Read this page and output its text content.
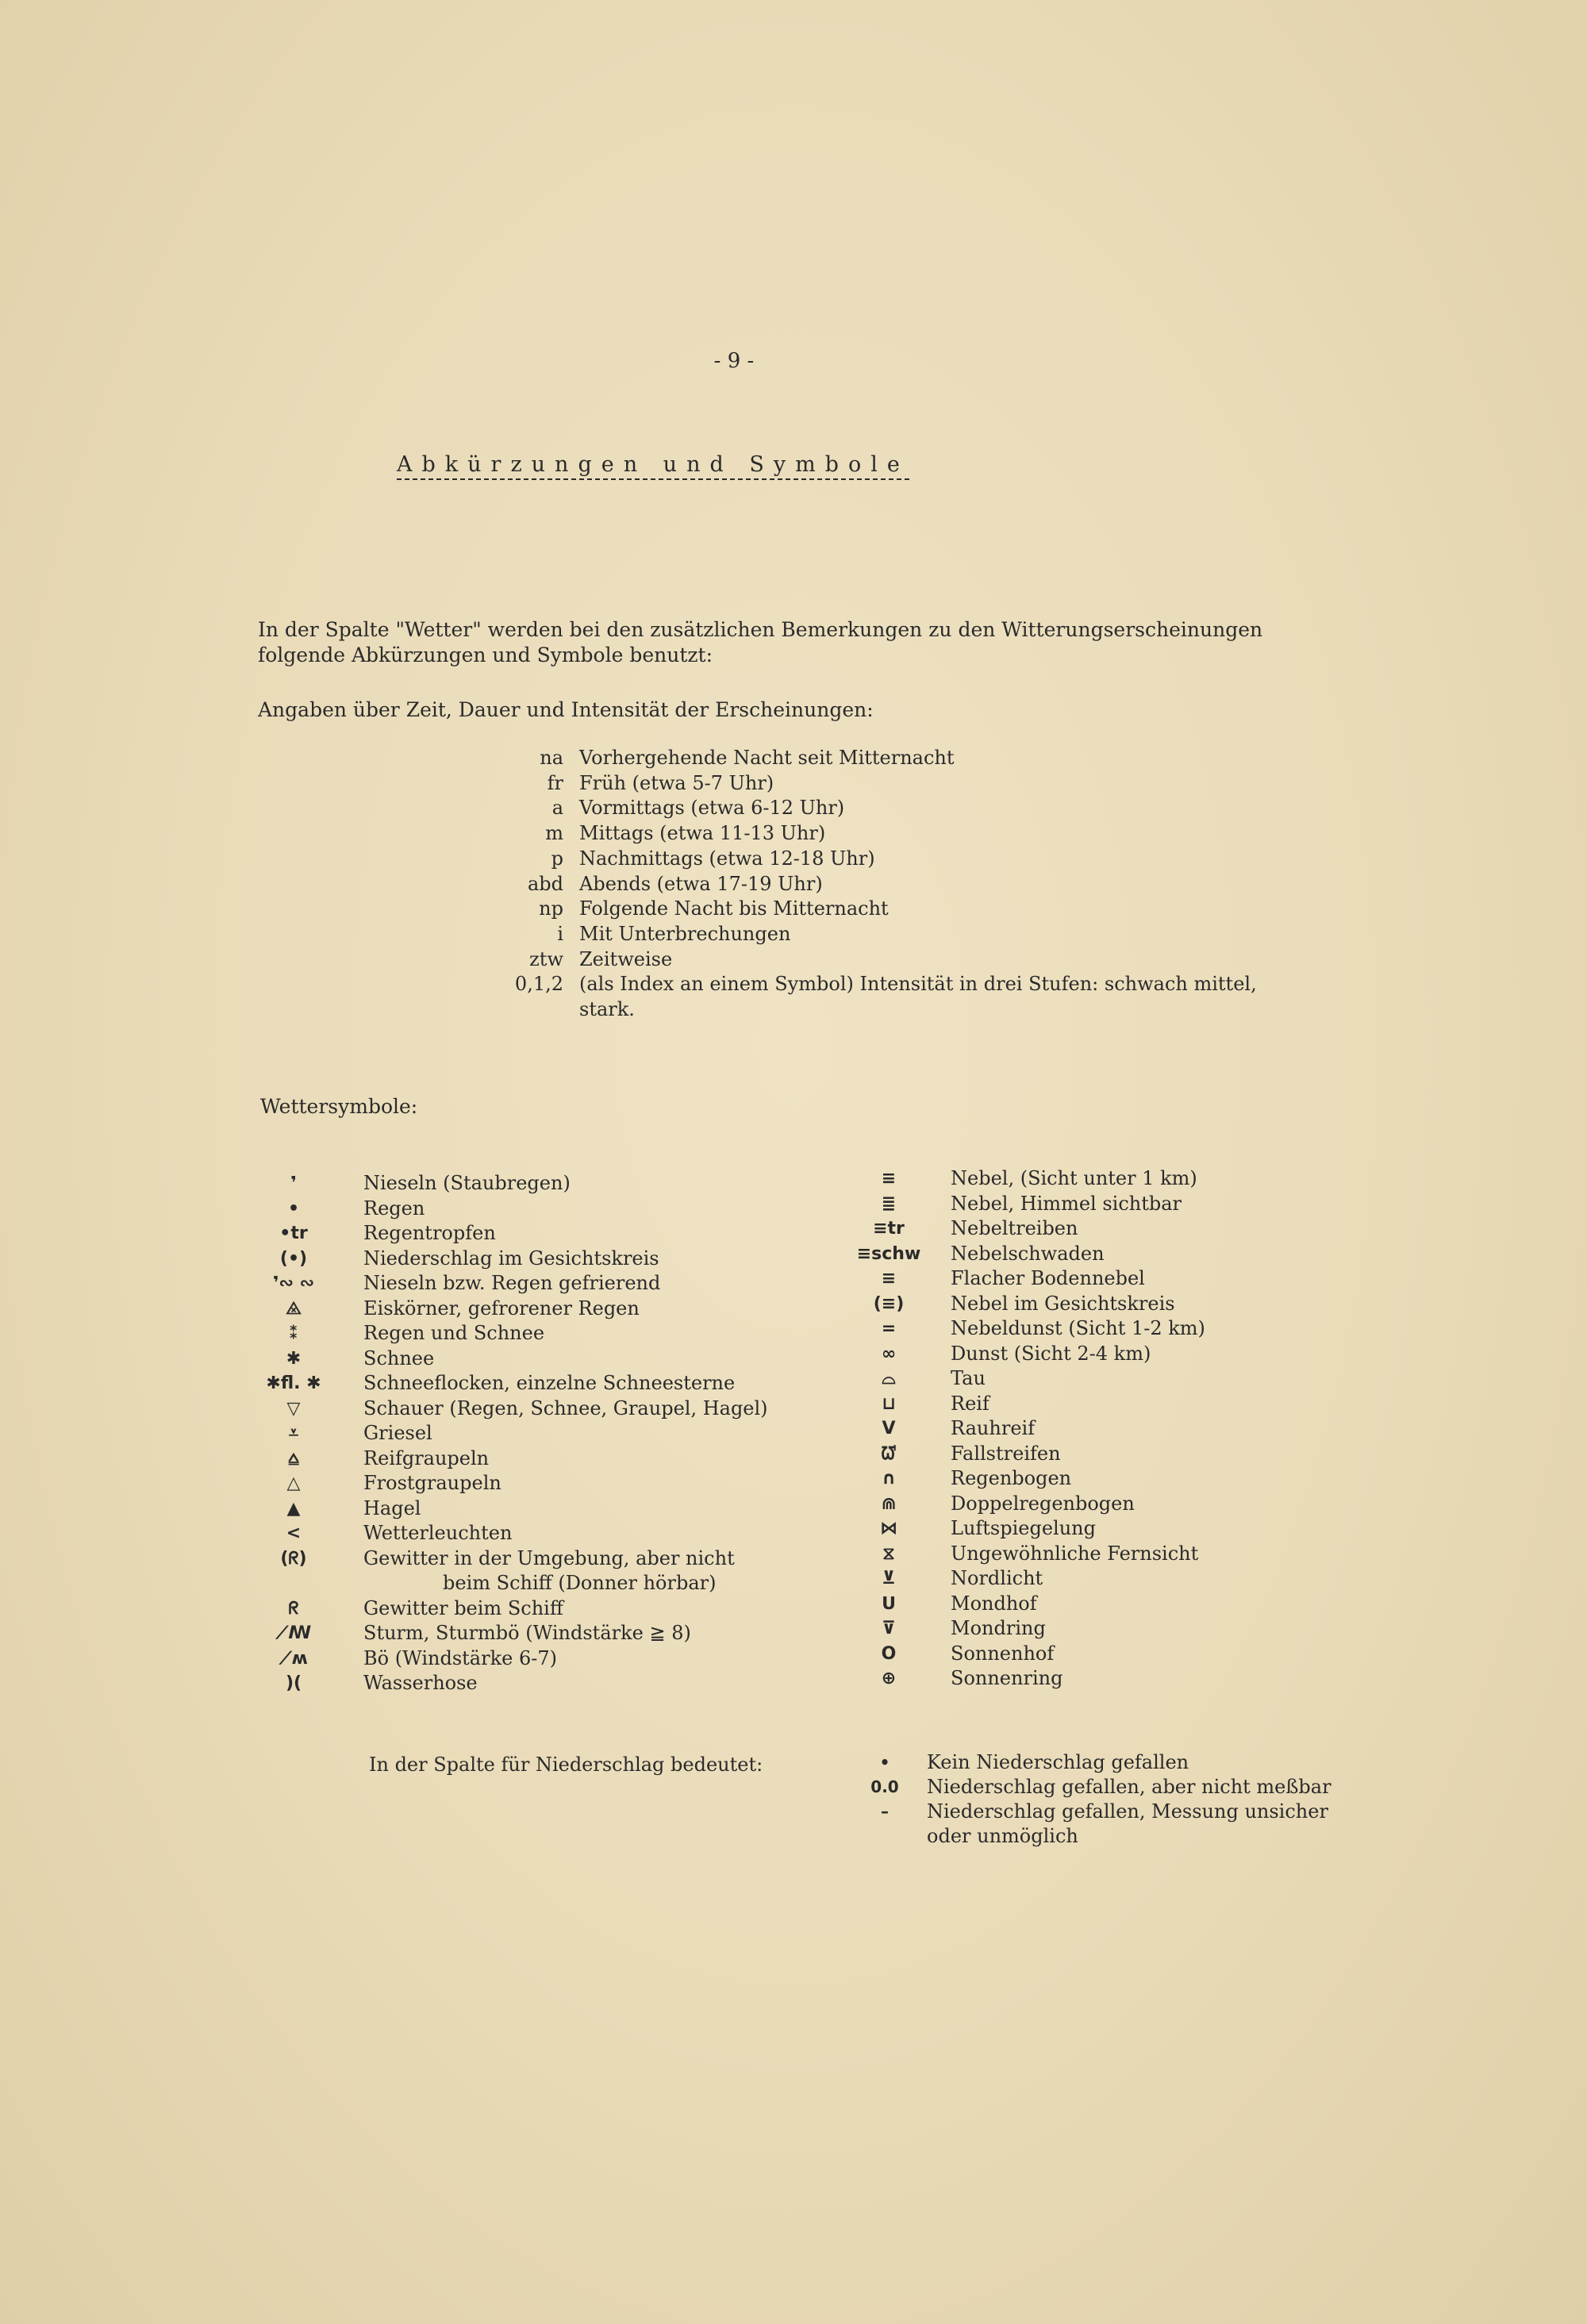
- 9 -
Abkürzungen und Symbole
In der Spalte "Wetter" werden bei den zusätzlichen Bemerkungen zu den Witterungserscheinungen folgende Abkürzungen und Symbole benutzt:
Angaben über Zeit, Dauer und Intensität der Erscheinungen:
na Vorhergehende Nacht seit Mitternacht
fr Früh (etwa 5-7 Uhr)
a Vormittags (etwa 6-12 Uhr)
m Mittags (etwa 11-13 Uhr)
p Nachmittags (etwa 12-18 Uhr)
abd Abends (etwa 17-19 Uhr)
np Folgende Nacht bis Mitternacht
i Mit Unterbrechungen
ztw Zeitweise
0,1,2 (als Index an einem Symbol) Intensität in drei Stufen: schwach mittel, stark.
Wettersymbole:
❜	Nieseln (Staubregen)
•	Regen
•tr	Regentropfen
(•)	Niederschlag im Gesichtskreis
❜∾ ∾	Nieseln bzw. Regen gefrierend
⨻	Eiskörner, gefrorener Regen
⁑	Regen und Schnee
✱	Schnee
✱fl. ✱	Schneeflocken, einzelne Schneesterne
▽	Schauer (Regen, Schnee, Graupel, Hagel)
⩡	Griesel
⩠	Reifgraupeln
△	Frostgraupeln
▲	Hagel
<	Wetterleuchten
(ᖇ)	Gewitter in der Umgebung, aber nicht
beim Schiff (Donner hörbar)
ᖇ	Gewitter beim Schiff
⟋ꟿ	Sturm, Sturmbö (Windstärke ≧ 8)
⟋ʍ	Bö (Windstärke 6-7)
)(	Wasserhose
≡	Nebel, (Sicht unter 1 km)
≣	Nebel, Himmel sichtbar
≡tr	Nebeltreiben
≡schw	Nebelschwaden
≡	Flacher Bodennebel
(≡)	Nebel im Gesichtskreis
=	Nebeldunst (Sicht 1-2 km)
∞	Dunst (Sicht 2-4 km)
⌓	Tau
⊔	Reif
V	Rauhreif
ᘺ	Fallstreifen
∩	Regenbogen
⋒	Doppelregenbogen
⋈	Luftspiegelung
⧖	Ungewöhnliche Fernsicht
⊻	Nordlicht
ꓴ	Mondhof
⊽	Mondring
O	Sonnenhof
⊕	Sonnenring
In der Spalte für Niederschlag bedeutet:	•	Kein Niederschlag gefallen
0.0	Niederschlag gefallen, aber nicht meßbar
–	Niederschlag gefallen, Messung unsicher oder unmöglich
